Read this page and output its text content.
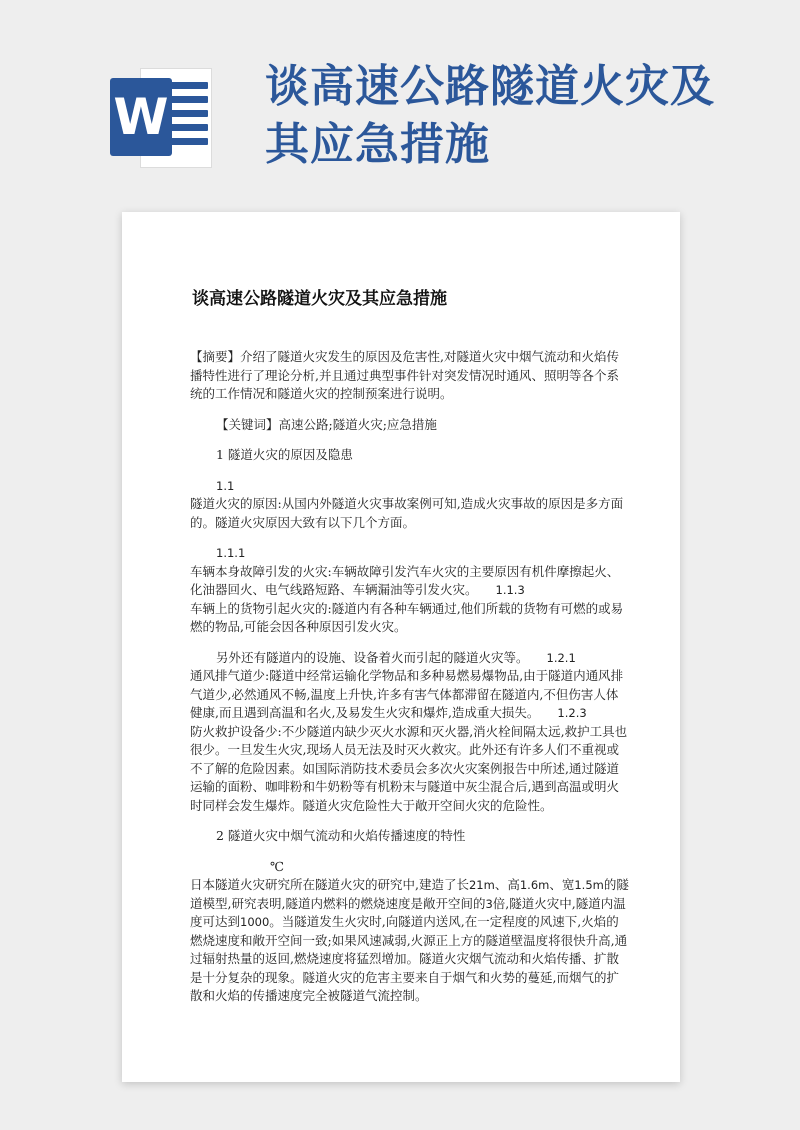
W
谈高速公路隧道火灾及其应急措施
谈高速公路隧道火灾及其应急措施

【摘要】介绍了隧道火灾发生的原因及危害性,对隧道火灾中烟气流动和火焰传播特性进行了理论分析,并且通过典型事件针对突发情况时通风、照明等各个系统的工作情况和隧道火灾的控制预案进行说明。

【关键词】高速公路;隧道火灾;应急措施

1 隧道火灾的原因及隐患

1.1
隧道火灾的原因:从国内外隧道火灾事故案例可知,造成火灾事故的原因是多方面的。隧道火灾原因大致有以下几个方面。

1.1.1
车辆本身故障引发的火灾:车辆故障引发汽车火灾的主要原因有机件摩擦起火、化油器回火、电气线路短路、车辆漏油等引发火灾。 1.1.3
车辆上的货物引起火灾的:隧道内有各种车辆通过,他们所载的货物有可燃的或易燃的物品,可能会因各种原因引发火灾。

另外还有隧道内的设施、设备着火而引起的隧道火灾等。 1.2.1
通风排气道少:隧道中经常运输化学物品和多种易燃易爆物品,由于隧道内通风排气道少,必然通风不畅,温度上升快,许多有害气体都滞留在隧道内,不但伤害人体健康,而且遇到高温和名火,及易发生火灾和爆炸,造成重大损失。 1.2.3
防火救护设备少:不少隧道内缺少灭火水源和灭火器,消火栓间隔太远,救护工具也很少。一旦发生火灾,现场人员无法及时灭火救灾。此外还有许多人们不重视或不了解的危险因素。如国际消防技术委员会多次火灾案例报告中所述,通过隧道运输的面粉、咖啡粉和牛奶粉等有机粉末与隧道中灰尘混合后,遇到高温或明火时同样会发生爆炸。隧道火灾危险性大于敞开空间火灾的危险性。

2 隧道火灾中烟气流动和火焰传播速度的特性

℃
日本隧道火灾研究所在隧道火灾的研究中,建造了长21m、高1.6m、宽1.5m的隧道模型,研究表明,隧道内燃料的燃烧速度是敞开空间的3倍,隧道火灾中,隧道内温度可达到1000。当隧道发生火灾时,向隧道内送风,在一定程度的风速下,火焰的燃烧速度和敞开空间一致;如果风速减弱,火源正上方的隧道壁温度将很快升高,通过辐射热量的返回,燃烧速度将猛烈增加。隧道火灾烟气流动和火焰传播、扩散是十分复杂的现象。隧道火灾的危害主要来自于烟气和火势的蔓延,而烟气的扩散和火焰的传播速度完全被隧道气流控制。
